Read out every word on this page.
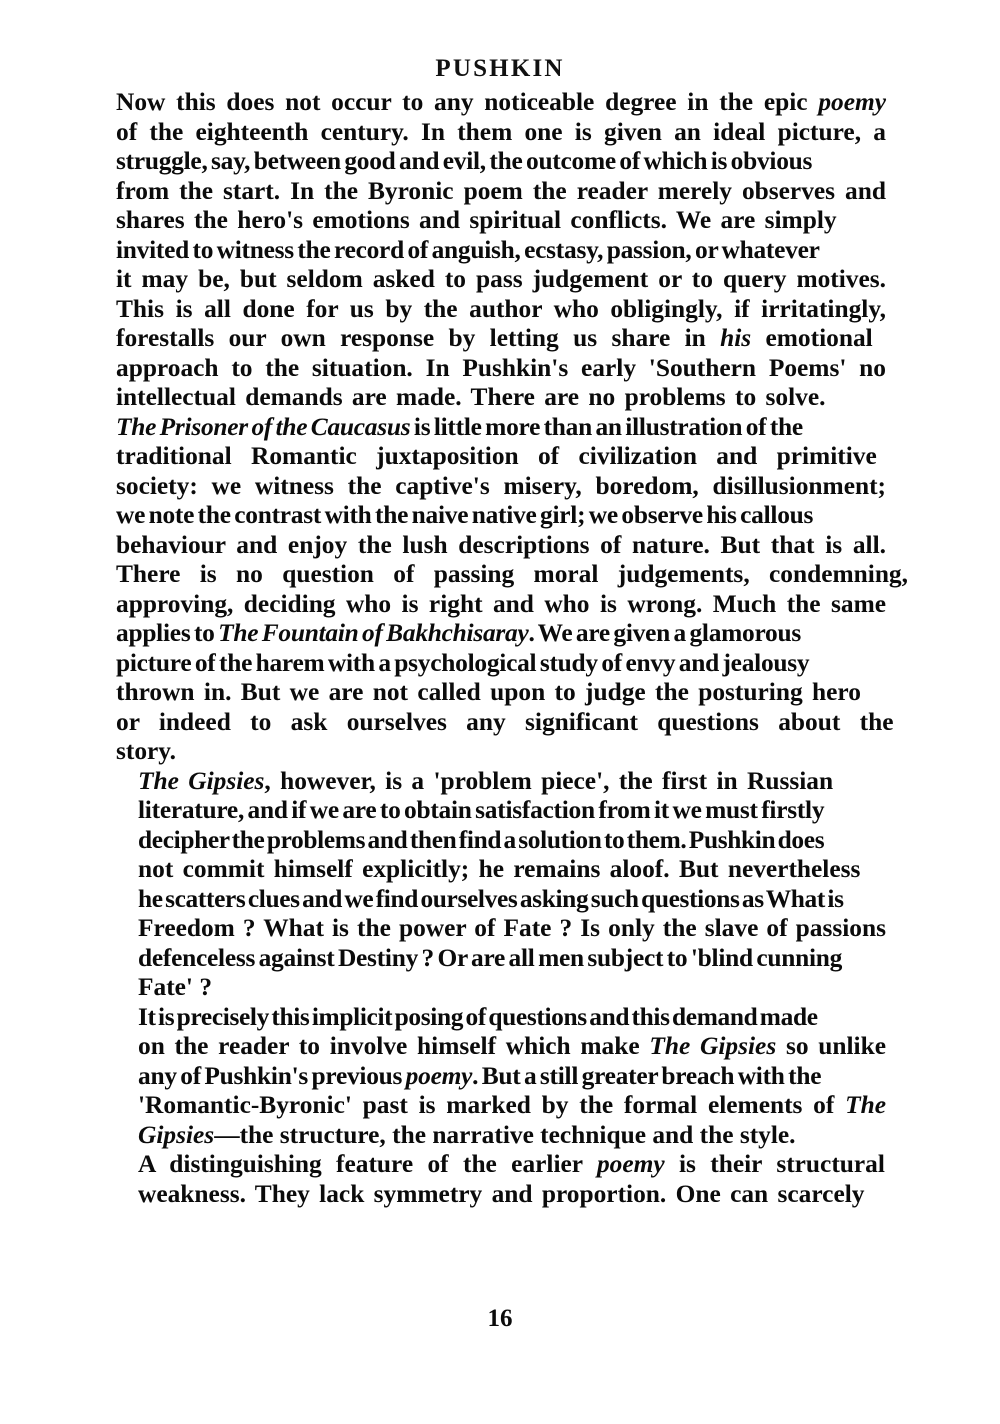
PUSHKIN

Now this does not occur to any noticeable degree in the epic poemy
of the eighteenth century. In them one is given an ideal picture, a
struggle, say, between good and evil, the outcome of which is obvious
from the start. In the Byronic poem the reader merely observes and
shares the hero's emotions and spiritual conflicts. We are simply
invited to witness the record of anguish, ecstasy, passion, or whatever
it may be, but seldom asked to pass judgement or to query motives.
This is all done for us by the author who obligingly, if irritatingly,
forestalls our own response by letting us share in his emotional
approach to the situation. In Pushkin's early 'Southern Poems' no
intellectual demands are made. There are no problems to solve.
The Prisoner of the Caucasus is little more than an illustration of the
traditional Romantic juxtaposition of civilization and primitive
society: we witness the captive's misery, boredom, disillusionment;
we note the contrast with the naive native girl; we observe his callous
behaviour and enjoy the lush descriptions of nature. But that is all.
There is no question of passing moral judgements, condemning,
approving, deciding who is right and who is wrong. Much the same
applies to The Fountain of Bakhchisaray. We are given a glamorous
picture of the harem with a psychological study of envy and jealousy
thrown in. But we are not called upon to judge the posturing hero
or indeed to ask ourselves any significant questions about the
story.

The Gipsies, however, is a 'problem piece', the first in Russian
literature, and if we are to obtain satisfaction from it we must firstly
decipher the problems and then find a solution to them. Pushkin does
not commit himself explicitly; he remains aloof. But nevertheless
he scatters clues and we find ourselves asking such questions as What is
Freedom ? What is the power of Fate ? Is only the slave of passions
defenceless against Destiny ? Or are all men subject to 'blind cunning
Fate' ?

It is precisely this implicit posing of questions and this demand made
on the reader to involve himself which make The Gipsies so unlike
any of Pushkin's previous poemy. But a still greater breach with the
'Romantic-Byronic' past is marked by the formal elements of The
Gipsies—the structure, the narrative technique and the style.

A distinguishing feature of the earlier poemy is their structural
weakness. They lack symmetry and proportion. One can scarcely

16
